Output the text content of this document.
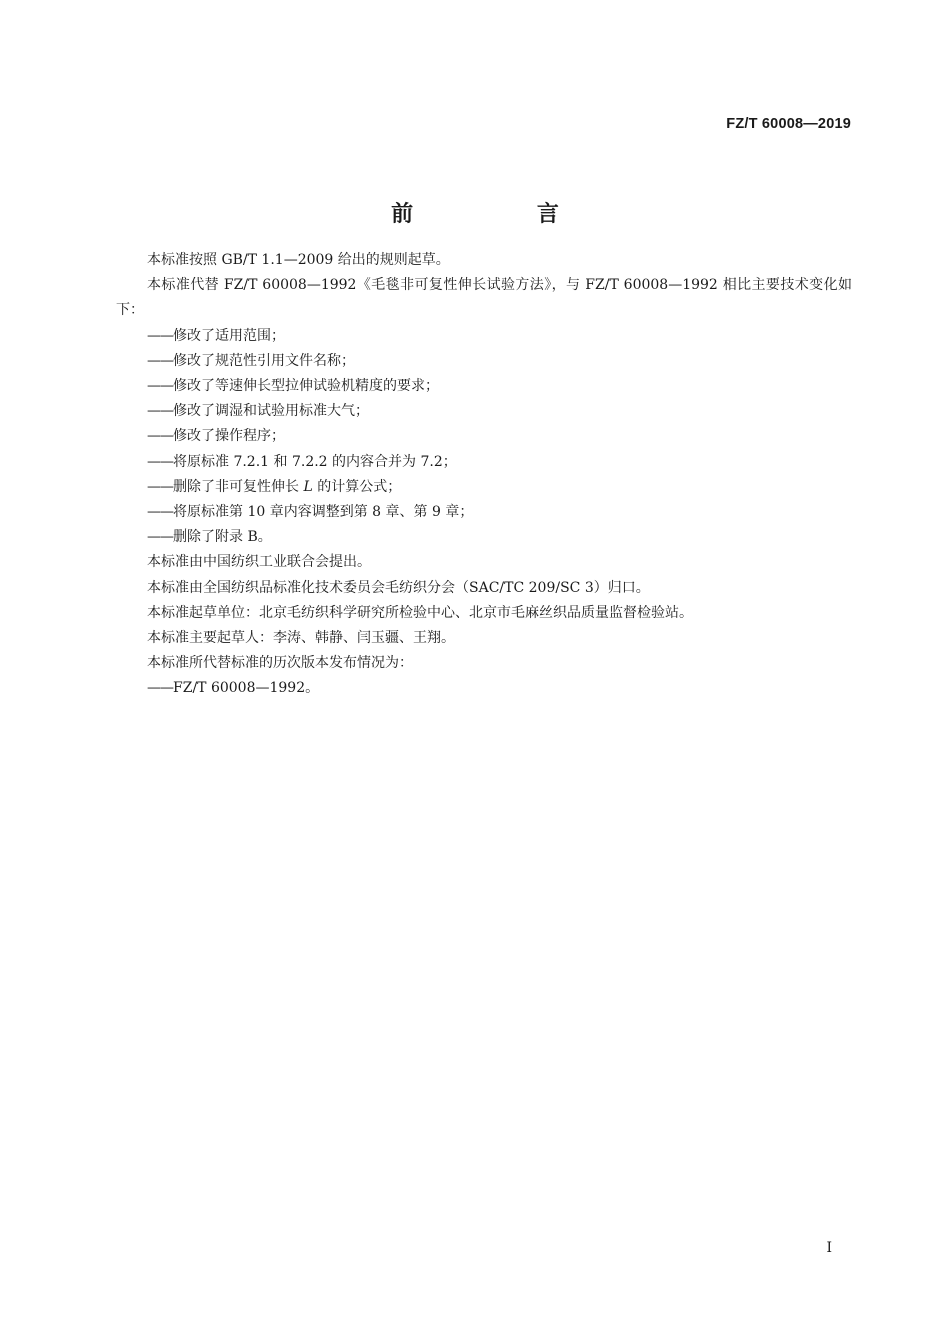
FZ/T 60008—2019
前 言

本标准按照 GB/T 1.1—2009 给出的规则起草。

本标准代替 FZ/T 60008—1992《毛毯非可复性伸长试验方法》，与 FZ/T 60008—1992 相比主要技术变化如下：

——修改了适用范围；

——修改了规范性引用文件名称；

——修改了等速伸长型拉伸试验机精度的要求；

——修改了调湿和试验用标准大气；

——修改了操作程序；

——将原标准 7.2.1 和 7.2.2 的内容合并为 7.2；

——删除了非可复性伸长 L 的计算公式；

——将原标准第 10 章内容调整到第 8 章、第 9 章；

——删除了附录 B。

本标准由中国纺织工业联合会提出。

本标准由全国纺织品标准化技术委员会毛纺织分会（SAC/TC 209/SC 3）归口。

本标准起草单位：北京毛纺织科学研究所检验中心、北京市毛麻丝织品质量监督检验站。

本标准主要起草人：李涛、韩静、闫玉疆、王翔。

本标准所代替标准的历次版本发布情况为：

——FZ/T 60008—1992。

I
